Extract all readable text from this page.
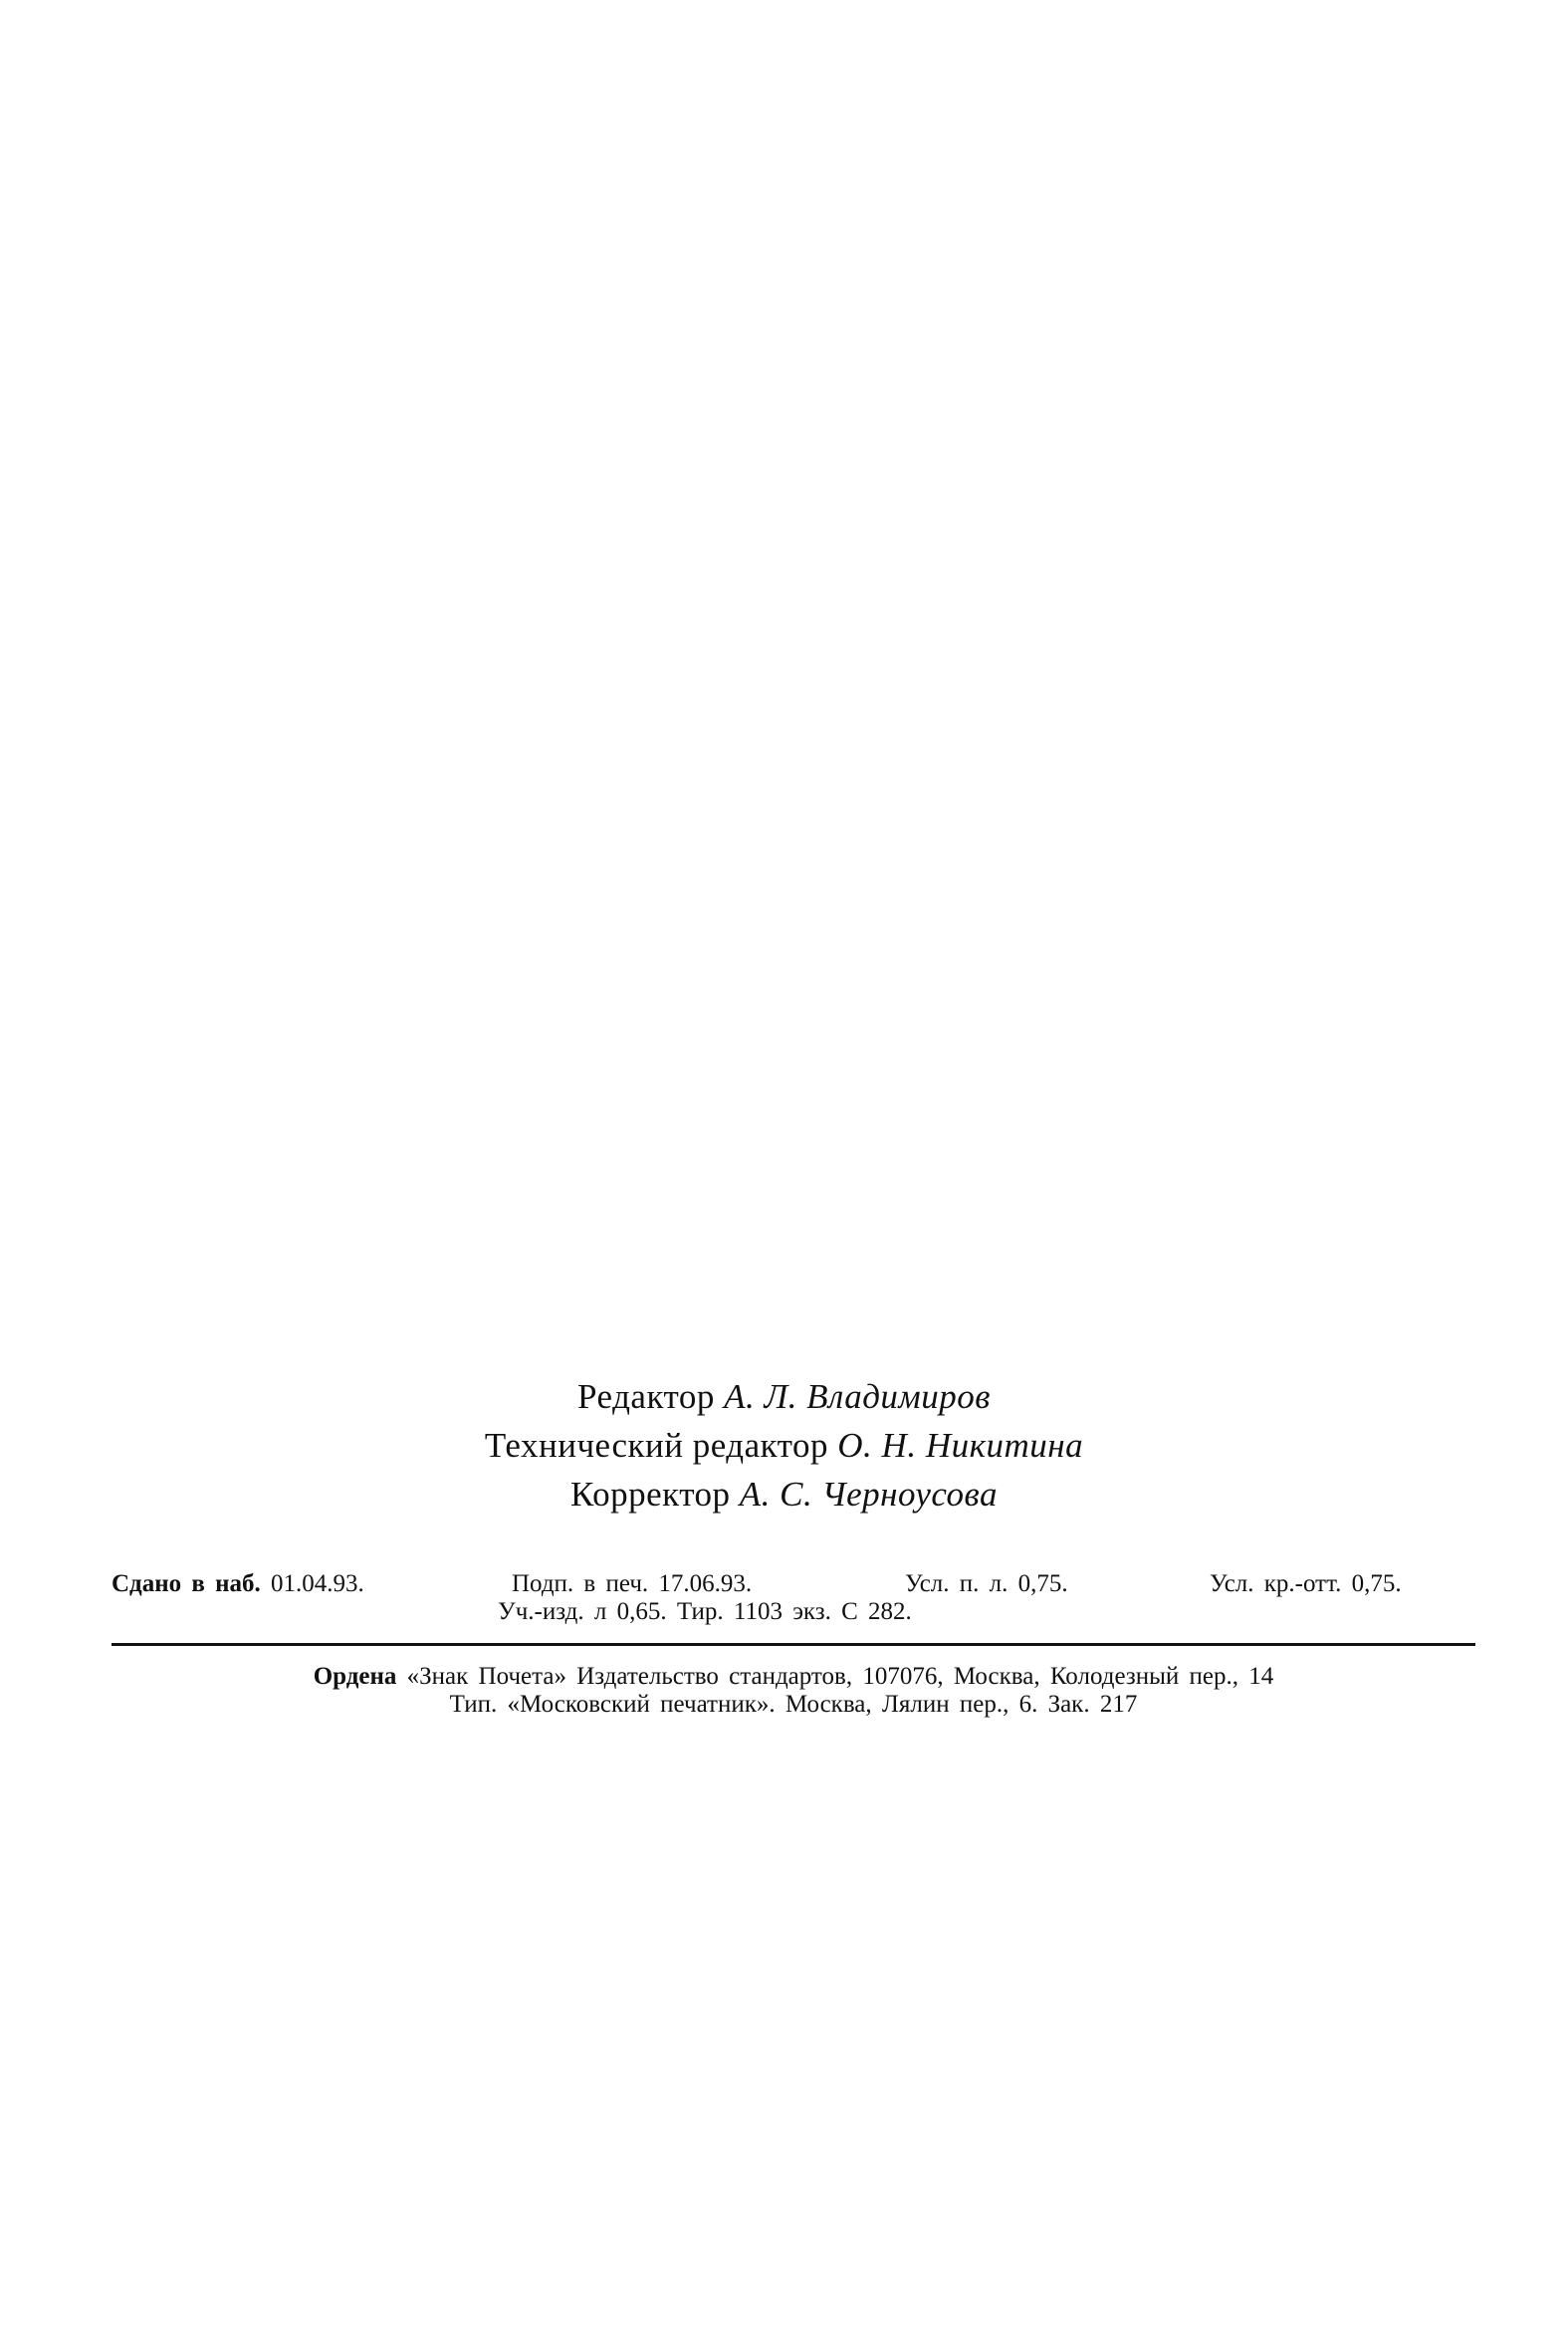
Редактор А. Л. Владимиров
Технический редактор О. Н. Никитина
Корректор А. С. Черноусова
Сдано в наб. 01.04.93.	Подп. в печ. 17.06.93.	Усл. п. л. 0,75.	Усл. кр.-отт. 0,75.
Уч.-изд. л 0,65. Тир. 1103 экз. С 282.
Ордена «Знак Почета» Издательство стандартов, 107076, Москва, Колодезный пер., 14
Тип. «Московский печатник». Москва, Лялин пер., 6. Зак. 217
